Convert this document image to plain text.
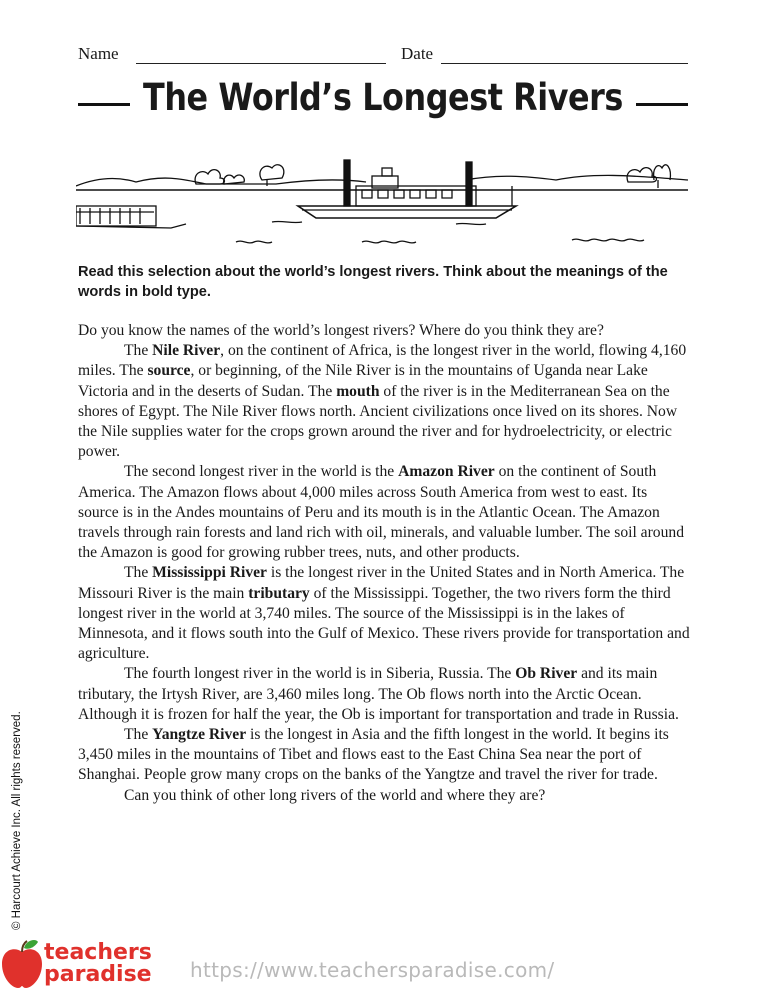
Name	Date
The World’s Longest Rivers
Read this selection about the world’s longest rivers. Think about the meanings of the words in bold type.

Do you know the names of the world’s longest rivers? Where do you think they are?

The Nile River, on the continent of Africa, is the longest river in the world, flowing 4,160 miles. The source, or beginning, of the Nile River is in the mountains of Uganda near Lake Victoria and in the deserts of Sudan. The mouth of the river is in the Mediterranean Sea on the shores of Egypt. The Nile River flows north. Ancient civilizations once lived on its shores. Now the Nile supplies water for the crops grown around the river and for hydroelectricity, or electric power.

The second longest river in the world is the Amazon River on the continent of South America. The Amazon flows about 4,000 miles across South America from west to east. Its source is in the Andes mountains of Peru and its mouth is in the Atlantic Ocean. The Amazon travels through rain forests and land rich with oil, minerals, and valuable lumber. The soil around the Amazon is good for growing rubber trees, nuts, and other products.

The Mississippi River is the longest river in the United States and in North America. The Missouri River is the main tributary of the Mississippi. Together, the two rivers form the third longest river in the world at 3,740 miles. The source of the Mississippi is in the lakes of Minnesota, and it flows south into the Gulf of Mexico. These rivers provide for transportation and agriculture.

The fourth longest river in the world is in Siberia, Russia. The Ob River and its main tributary, the Irtysh River, are 3,460 miles long. The Ob flows north into the Arctic Ocean. Although it is frozen for half the year, the Ob is important for transportation and trade in Russia.

The Yangtze River is the longest in Asia and the fifth longest in the world. It begins its 3,450 miles in the mountains of Tibet and flows east to the East China Sea near the port of Shanghai. People grow many crops on the banks of the Yangtze and travel the river for trade.

Can you think of other long rivers of the world and where they are?

© Harcourt Achieve Inc. All rights reserved.
teachers
paradise https://www.teachersparadise.com/
